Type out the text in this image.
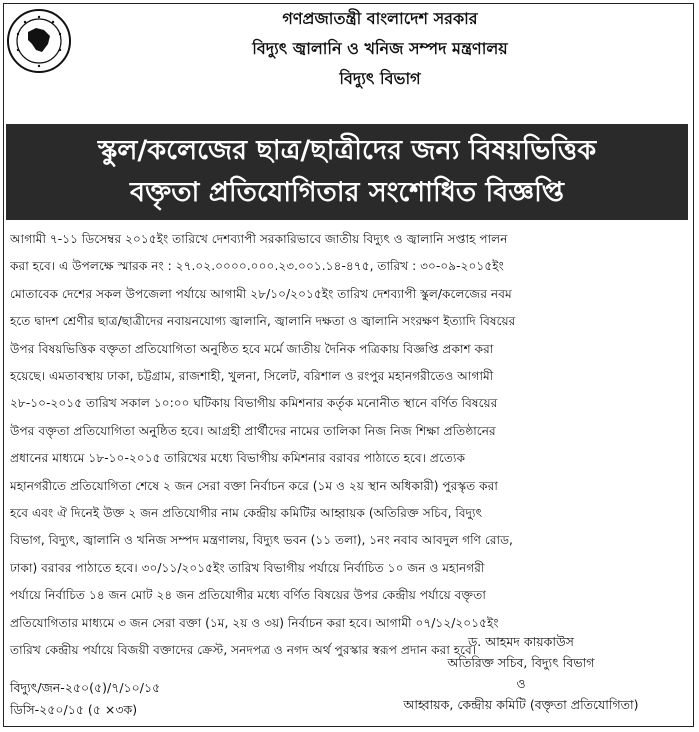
গণপ্রজাতন্ত্রী বাংলাদেশ সরকার
বিদ্যুৎ জ্বালানি ও খনিজ সম্পদ মন্ত্রণালয়
বিদ্যুৎ বিভাগ
স্কুল/কলেজের ছাত্র/ছাত্রীদের জন্য বিষয়ভিত্তিক
বক্তৃতা প্রতিযোগিতার সংশোধিত বিজ্ঞপ্তি
আগামী ৭-১১ ডিসেম্বর ২০১৫ইং তারিখে দেশব্যাপী সরকারিভাবে জাতীয় বিদ্যুৎ ও জ্বালানি সপ্তাহ পালন
করা হবে। এ উপলক্ষে স্মারক নং : ২৭.০২.০০০০.০০০.২৩.০০১.১৪-৪৭৫, তারিখ : ৩০-০৯-২০১৫ইং
মোতাবেক দেশের সকল উপজেলা পর্যায়ে আগামী ২৮/১০/২০১৫ইং তারিখ দেশব্যাপী স্কুল/কলেজের নবম
হতে দ্বাদশ শ্রেণীর ছাত্র/ছাত্রীদের নবায়নযোগ্য জ্বালানি, জ্বালানি দক্ষতা ও জ্বালানি সংরক্ষণ ইত্যাদি বিষয়ের
উপর বিষয়ভিত্তিক বক্তৃতা প্রতিযোগিতা অনুষ্ঠিত হবে মর্মে জাতীয় দৈনিক পত্রিকায় বিজ্ঞপ্তি প্রকাশ করা
হয়েছে। এমতাবস্থায় ঢাকা, চট্টগ্রাম, রাজশাহী, খুলনা, সিলেট, বরিশাল ও রংপুর মহানগরীতেও আগামী
২৮-১০-২০১৫ তারিখ সকাল ১০:০০ ঘটিকায় বিভাগীয় কমিশনার কর্তৃক মনোনীত স্থানে বর্ণিত বিষয়ের
উপর বক্তৃতা প্রতিযোগিতা অনুষ্ঠিত হবে। আগ্রহী প্রার্থীদের নামের তালিকা নিজ নিজ শিক্ষা প্রতিষ্ঠানের
প্রধানের মাধ্যমে ১৮-১০-২০১৫ তারিখের মধ্যে বিভাগীয় কমিশনার বরাবর পাঠাতে হবে। প্রত্যেক
মহানগরীতে প্রতিযোগিতা শেষে ২ জন সেরা বক্তা নির্বাচন করে (১ম ও ২য় স্থান অধিকারী) পুরস্কৃত করা
হবে এবং ঐ দিনেই উক্ত ২ জন প্রতিযোগীর নাম কেন্দ্রীয় কমিটির আহ্বায়ক (অতিরিক্ত সচিব, বিদ্যুৎ
বিভাগ, বিদ্যুৎ, জ্বালানি ও খনিজ সম্পদ মন্ত্রণালয়, বিদ্যুৎ ভবন (১১ তলা), ১নং নবাব আবদুল গণি রোড,
ঢাকা) বরাবর পাঠাতে হবে। ৩০/১১/২০১৫ইং তারিখ বিভাগীয় পর্যায়ে নির্বাচিত ১০ জন ও মহানগরী
পর্যায়ে নির্বাচিত ১৪ জন মোট ২৪ জন প্রতিযোগীর মধ্যে বর্ণিত বিষয়ের উপর কেন্দ্রীয় পর্যায়ে বক্তৃতা
প্রতিযোগিতার মাধ্যমে ৩ জন সেরা বক্তা (১ম, ২য় ও ৩য়) নির্বাচন করা হবে। আগামী ০৭/১২/২০১৫ইং
তারিখ কেন্দ্রীয় পর্যায়ে বিজয়ী বক্তাদের ক্রেস্ট, সনদপত্র ও নগদ অর্থ পুরস্কার স্বরূপ প্রদান করা হবে।
ড. আহমদ কায়কাউস
অতিরিক্ত সচিব, বিদ্যুৎ বিভাগ
ও
আহ্বায়ক, কেন্দ্রীয় কমিটি (বক্তৃতা প্রতিযোগিতা)
বিদ্যুৎ/জন-২৫০(৫)/৭/১০/১৫
ডিসি-২৫০/১৫ (৫ ×৩ক)
